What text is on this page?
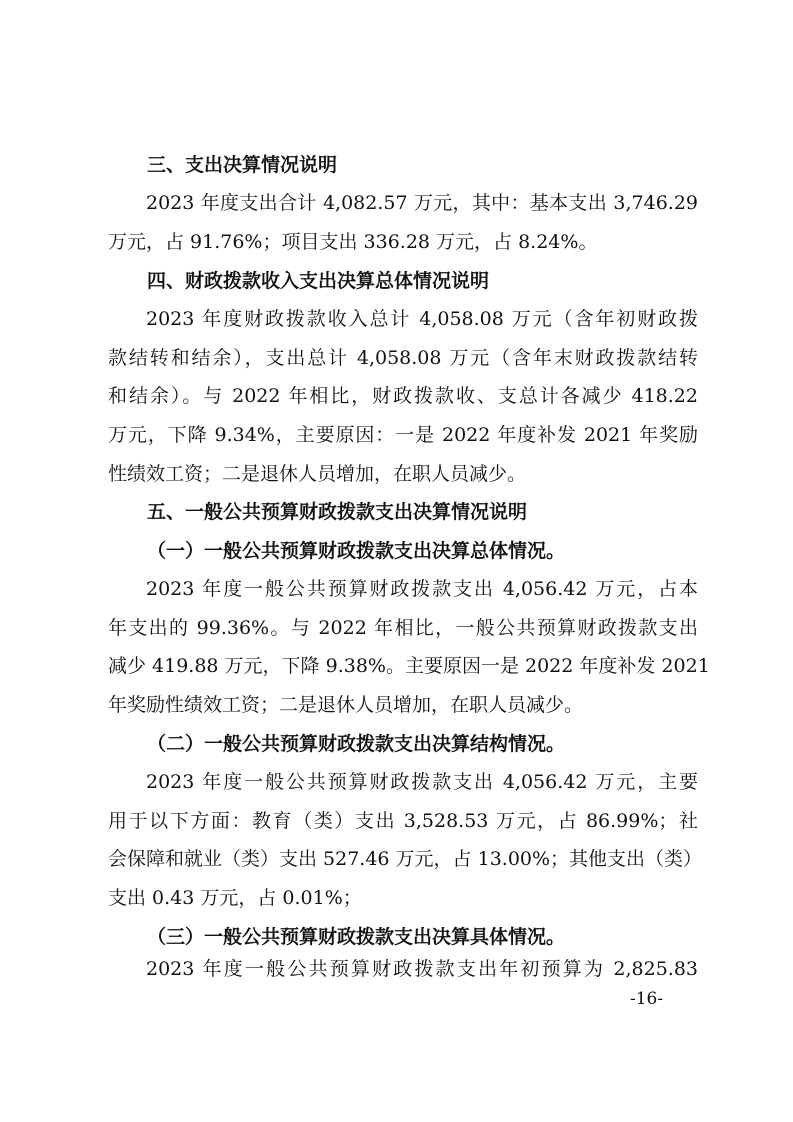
三、支出决算情况说明
2023 年度支出合计 4,082.57 万元，其中：基本支出 3,746.29
万元，占 91.76%；项目支出 336.28 万元，占 8.24%。
四、财政拨款收入支出决算总体情况说明
2023 年度财政拨款收入总计 4,058.08 万元（含年初财政拨
款结转和结余），支出总计 4,058.08 万元（含年末财政拨款结转
和结余）。与 2022 年相比，财政拨款收、支总计各减少 418.22
万元，下降 9.34%，主要原因：一是 2022 年度补发 2021 年奖励
性绩效工资；二是退休人员增加，在职人员减少。
五、一般公共预算财政拨款支出决算情况说明
（一）一般公共预算财政拨款支出决算总体情况。
2023 年度一般公共预算财政拨款支出 4,056.42 万元，占本
年支出的 99.36%。与 2022 年相比，一般公共预算财政拨款支出
减少 419.88 万元，下降 9.38%。主要原因一是 2022 年度补发 2021
年奖励性绩效工资；二是退休人员增加，在职人员减少。
（二）一般公共预算财政拨款支出决算结构情况。
2023 年度一般公共预算财政拨款支出 4,056.42 万元，主要
用于以下方面：教育（类）支出 3,528.53 万元，占 86.99%；社
会保障和就业（类）支出 527.46 万元，占 13.00%；其他支出（类）
支出 0.43 万元，占 0.01%；
（三）一般公共预算财政拨款支出决算具体情况。
2023 年度一般公共预算财政拨款支出年初预算为 2,825.83
-16-
